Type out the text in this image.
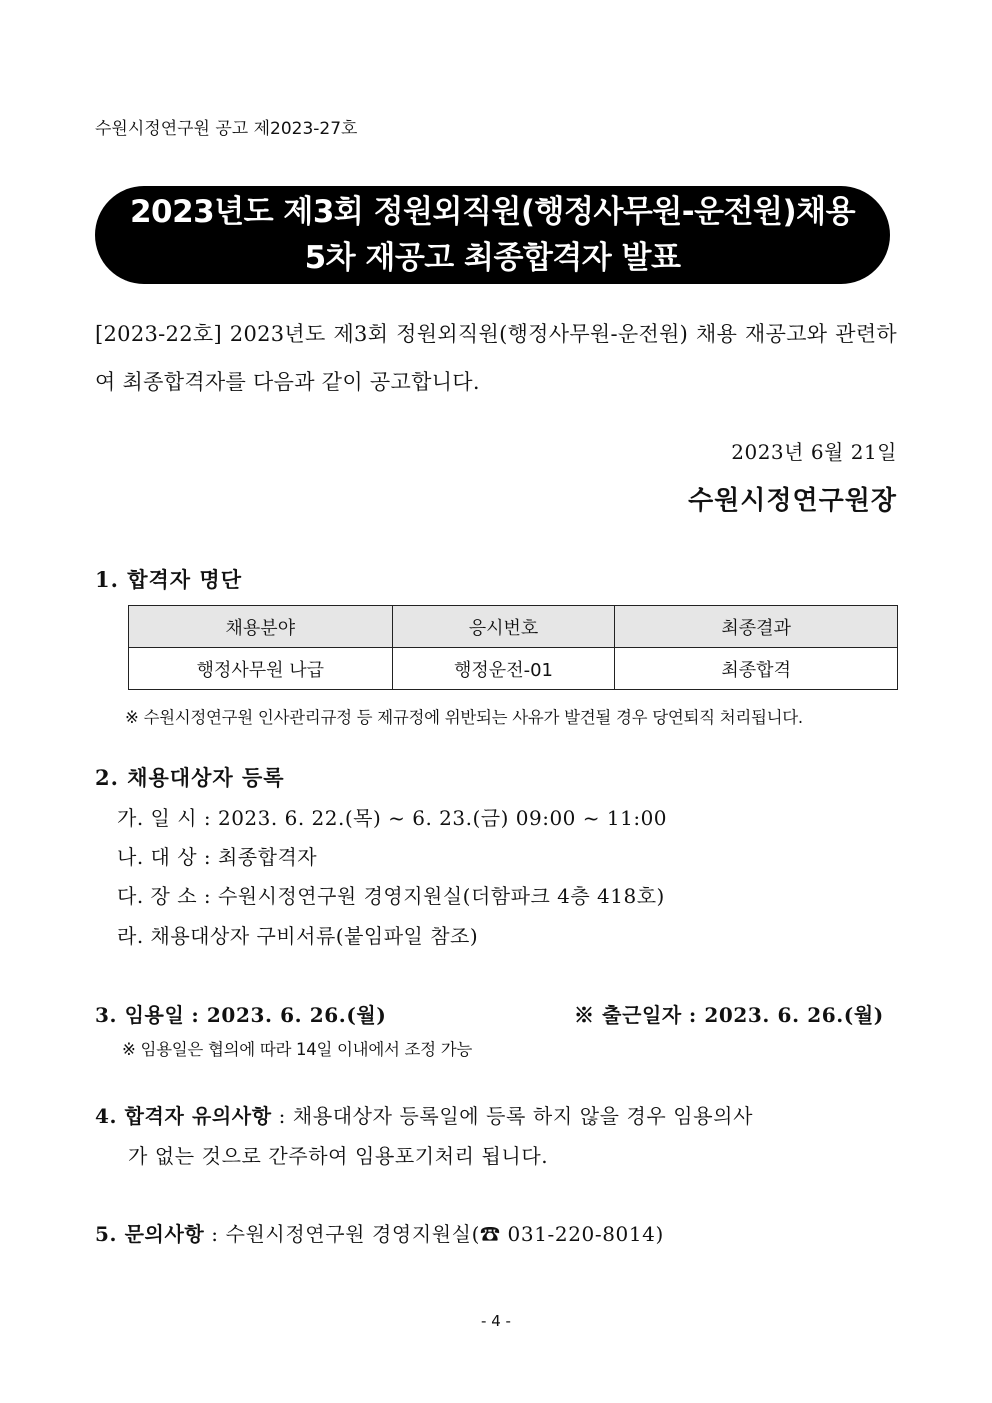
수원시정연구원 공고 제2023-27호
2023년도 제3회 정원외직원(행정사무원-운전원)채용
5차 재공고 최종합격자 발표
[2023-22호] 2023년도 제3회 정원외직원(행정사무원-운전원) 채용 재공고와 관련하여 최종합격자를 다음과 같이 공고합니다.
2023년 6월 21일
수원시정연구원장
1. 합격자 명단
채용분야	응시번호	최종결과
행정사무원 나급	행정운전-01	최종합격
※ 수원시정연구원 인사관리규정 등 제규정에 위반되는 사유가 발견될 경우 당연퇴직 처리됩니다.
2. 채용대상자 등록
가. 일 시 : 2023. 6. 22.(목) ~ 6. 23.(금) 09:00 ~ 11:00
나. 대 상 : 최종합격자
다. 장 소 : 수원시정연구원 경영지원실(더함파크 4층 418호)
라. 채용대상자 구비서류(붙임파일 참조)
3. 임용일 : 2023. 6. 26.(월)	※ 출근일자 : 2023. 6. 26.(월)
※ 임용일은 협의에 따라 14일 이내에서 조정 가능
4. 합격자 유의사항 : 채용대상자 등록일에 등록 하지 않을 경우 임용의사
가 없는 것으로 간주하여 임용포기처리 됩니다.
5. 문의사항 : 수원시정연구원 경영지원실(☎ 031-220-8014)
- 4 -
